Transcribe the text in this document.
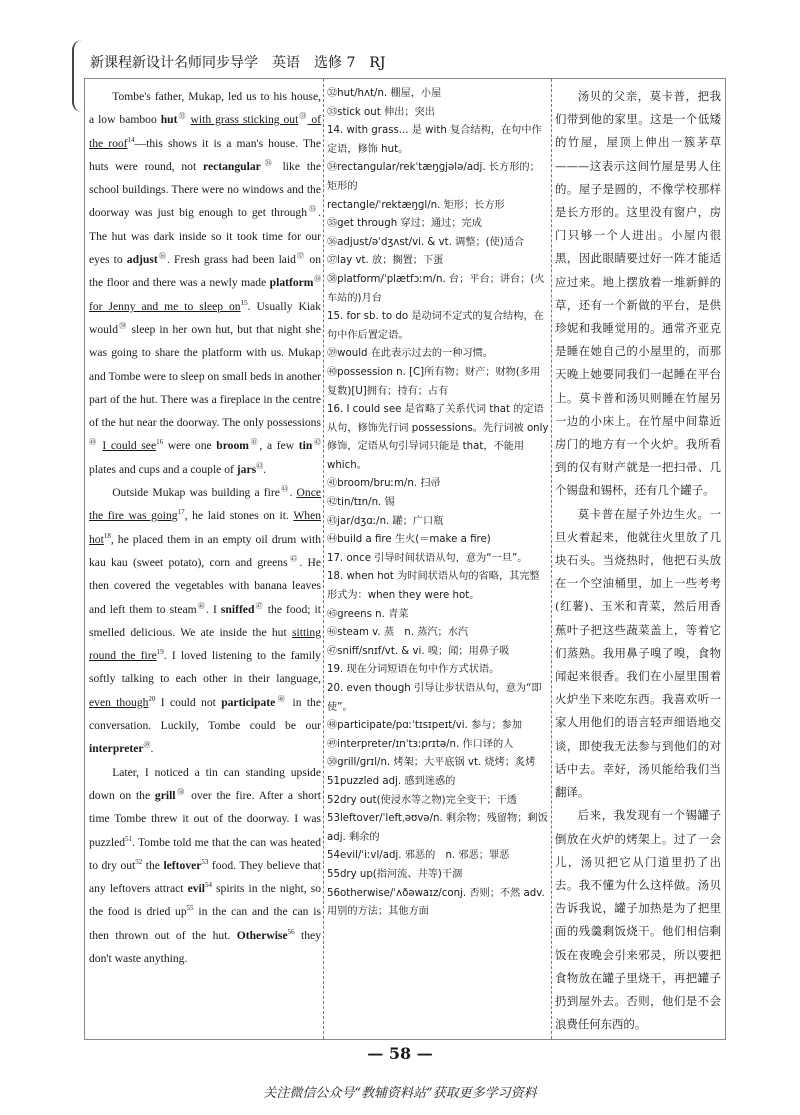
新课程新设计名师同步导学　英语　选修 7　RJ

Tombe's father, Mukap, led us to his house, a low bamboo hut$^㉜$ with grass sticking out$^㉝$ of the roof$^{14}$—this shows it is a man's house. The huts were round, not rectangular$^㉞$ like the school buildings. There were no windows and the doorway was just big enough to get through$^㉟$. The hut was dark inside so it took time for our eyes to adjust$^㊱$. Fresh grass had been laid$^㊲$ on the floor and there was a newly made platform$^㊳$ for Jenny and me to sleep $on^{15}$. Usually Kiak would$^㊴$ sleep in her own hut, but that night she was going to share the platform with us. Mukap and Tombe were to sleep on small beds in another part of the hut. There was a fireplace in the centre of the hut near the doorway. The only possessions$^㊵$ I could see$^{16}$ were one broom$^㊶$, a few tin$^㊷$ plates and cups and a couple of jars$^㊸$.

Outside Mukap was building a fire$^㊹$. Once the fire was going$^{17}$, he laid stones on it. When hot$^{18}$, he placed them in an empty oil drum with kau kau (sweet potato), corn and greens$^㊺$. He then covered the vegetables with banana leaves and left them to steam$^㊻$. I sniffed$^㊼$ the food; it smelled delicious. We ate inside the hut sitting round the fire$^{19}$. I loved listening to the family softly talking to each other in their language, even though$^{20}$ I could not participate$^㊽$ in the conversation. Luckily, Tombe could be our interpreter$^㊾$.

Later, I noticed a tin can standing upside down on the grill$^㊿$ over the fire. After a short time Tombe threw it out of the doorway. I was puzzled$^{51}$. Tombe told me that the can was heated to dry out$^{52}$ the leftover$^{53}$ food. They believe that any leftovers attract evil$^{54}$ spirits in the night, so the food is dried $up^{55}$ in the can and the can is then thrown out of the hut. Otherwise$^{56}$ they don't waste anything.

㉜hut/hʌt/n. 棚屋，小屋
㉝stick out 伸出；突出
14. with grass... 是 with 复合结构，在句中作定语，修饰 hut。
㉞rectangular/rekˈtæŋɡjələ/adj. 长方形的；矩形的
rectangle/ˈrektæŋɡl/n. 矩形；长方形
㉟get through 穿过；通过；完成
㊱adjust/əˈdʒʌst/vi. & vt. 调整；(使)适合
㊲lay vt. 放；搁置；下蛋
㊳platform/ˈplætfɔːm/n. 台；平台；讲台；(火车站的)月台
15. for sb. to do 是动词不定式的复合结构，在句中作后置定语。
㊴would 在此表示过去的一种习惯。
㊵possession n. [C]所有物；财产；财物(多用复数)[U]拥有；持有；占有
16. I could see 是省略了关系代词 that 的定语从句，修饰先行词 possessions。先行词被 only 修饰，定语从句引导词只能是 that，不能用 which。
㊶broom/bruːm/n. 扫帚
㊷tin/tɪn/n. 锡
㊸jar/dʒɑː/n. 罐；广口瓶
㊹build a fire 生火(＝make a fire)
17. once 引导时间状语从句，意为“一旦”。
18. when hot 为时间状语从句的省略，其完整形式为：when they were hot。
㊺greens n. 青菜
㊻steam v. 蒸　n. 蒸汽；水汽
㊼sniff/snɪf/vt. & vi. 嗅；闻；用鼻子吸
19. 现在分词短语在句中作方式状语。
20. even though 引导让步状语从句，意为“即使”。
㊽participate/pɑːˈtɪsɪpeɪt/vi. 参与；参加
㊾interpreter/ɪnˈtɜːprɪtə/n. 作口译的人
㊿grill/ɡrɪl/n. 烤架；大平底锅 vt. 烧烤；炙烤
51puzzled adj. 感到迷惑的
52dry out(使浸水等之物)完全变干；干透
53leftover/ˈleftˌəʊvə/n. 剩余物；残留物；剩饭　adj. 剩余的
54evil/ˈiːvl/adj. 邪恶的　n. 邪恶；罪恶
55dry up(指河流、井等)干涸
56otherwise/ˈʌðəwaɪz/conj. 否则；不然 adv. 用别的方法；其他方面

汤贝的父亲，莫卡普，把我们带到他的家里。这是一个低矮的竹屋，屋顶上伸出一簇茅草———这表示这间竹屋是男人住的。屋子是圆的，不像学校那样是长方形的。这里没有窗户，房门只够一个人进出。小屋内很黑，因此眼睛要过好一阵才能适应过来。地上摆放着一堆新鲜的草，还有一个新做的平台，是供珍妮和我睡觉用的。通常齐亚克是睡在她自己的小屋里的，而那天晚上她要同我们一起睡在平台上。莫卡普和汤贝则睡在竹屋另一边的小床上。在竹屋中间靠近房门的地方有一个火炉。我所看到的仅有财产就是一把扫帚、几个锡盘和锡杯，还有几个罐子。

莫卡普在屋子外边生火。一旦火着起来，他就往火里放了几块石头。当烧热时，他把石头放在一个空油桶里，加上一些考考(红薯)、玉米和青菜，然后用香蕉叶子把这些蔬菜盖上，等着它们蒸熟。我用鼻子嗅了嗅，食物闻起来很香。我们在小屋里围着火炉坐下来吃东西。我喜欢听一家人用他们的语言轻声细语地交谈，即使我无法参与到他们的对话中去。幸好，汤贝能给我们当翻译。

后来，我发现有一个锡罐子倒放在火炉的烤架上。过了一会儿，汤贝把它从门道里扔了出去。我不懂为什么这样做。汤贝告诉我说，罐子加热是为了把里面的残羹剩饭烧干。他们相信剩饭在夜晚会引来邪灵，所以要把食物放在罐子里烧干，再把罐子扔到屋外去。否则，他们是不会浪费任何东西的。

— 58 —
关注微信公众号“教辅资料站”获取更多学习资料
